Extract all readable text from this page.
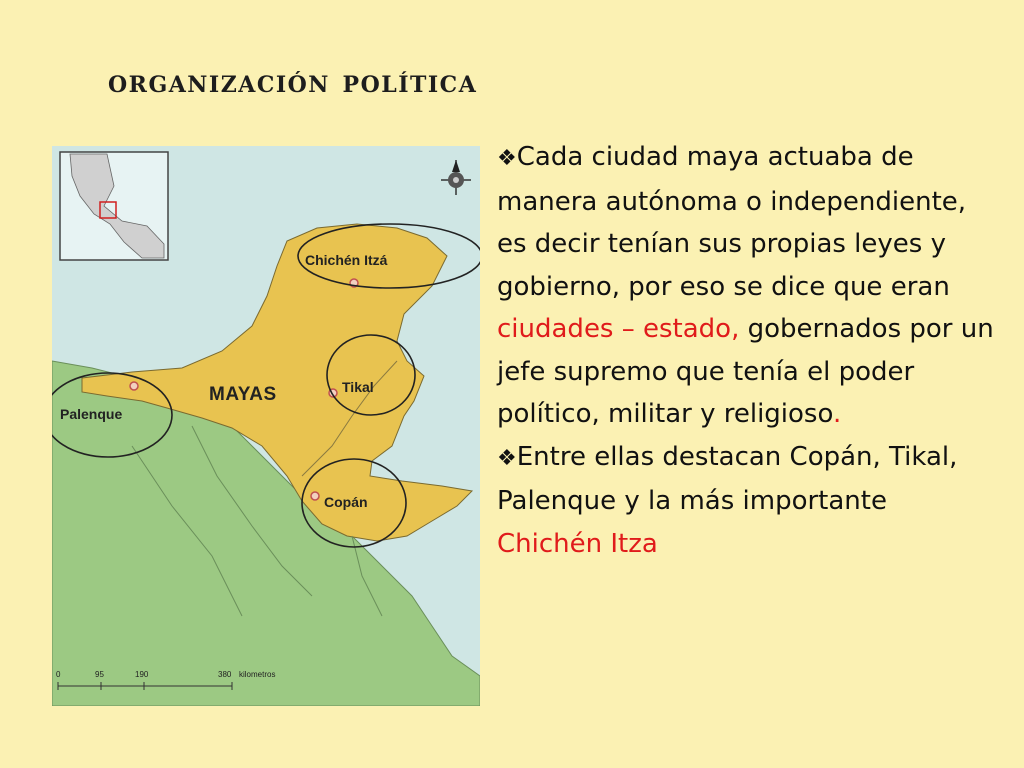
organización política
Chichén Itzá
Tikal
Palenque
Copán
MAYAS
0	95	190	380 kilometros

❖Cada ciudad maya actuaba de manera autónoma o independiente, es decir tenían sus propias leyes y gobierno, por eso se dice que eran ciudades – estado, gobernados por un jefe supremo que tenía el poder político, militar y religioso.

❖Entre ellas destacan Copán, Tikal, Palenque y la más importante Chichén Itza
